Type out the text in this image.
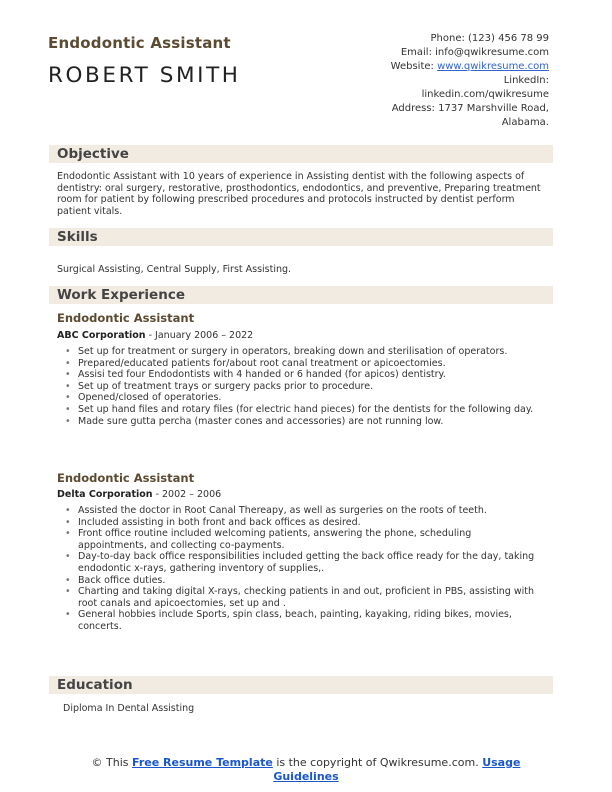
Endodontic Assistant
ROBERT SMITH
Phone: (123) 456 78 99
Email: info@qwikresume.com
Website: www.qwikresume.com
LinkedIn:
linkedin.com/qwikresume
Address: 1737 Marshville Road,
Alabama.
Objective
Endodontic Assistant with 10 years of experience in Assisting dentist with the following aspects of dentistry: oral surgery, restorative, prosthodontics, endodontics, and preventive, Preparing treatment room for patient by following prescribed procedures and protocols instructed by dentist perform patient vitals.
Skills
Surgical Assisting, Central Supply, First Assisting.
Work Experience
Endodontic Assistant
ABC Corporation - January 2006 – 2022
• Set up for treatment or surgery in operators, breaking down and sterilisation of operators.
• Prepared/educated patients for/about root canal treatment or apicoectomies.
• Assisi ted four Endodontists with 4 handed or 6 handed (for apicos) dentistry.
• Set up of treatment trays or surgery packs prior to procedure.
• Opened/closed of operatories.
• Set up hand files and rotary files (for electric hand pieces) for the dentists for the following day.
• Made sure gutta percha (master cones and accessories) are not running low.
Endodontic Assistant
Delta Corporation - 2002 – 2006
• Assisted the doctor in Root Canal Thereapy, as well as surgeries on the roots of teeth.
• Included assisting in both front and back offices as desired.
• Front office routine included welcoming patients, answering the phone, scheduling appointments, and collecting co-payments.
• Day-to-day back office responsibilities included getting the back office ready for the day, taking endodontic x-rays, gathering inventory of supplies,.
• Back office duties.
• Charting and taking digital X-rays, checking patients in and out, proficient in PBS, assisting with root canals and apicoectomies, set up and .
• General hobbies include Sports, spin class, beach, painting, kayaking, riding bikes, movies, concerts.
Education
Diploma In Dental Assisting
© This Free Resume Template is the copyright of Qwikresume.com. Usage Guidelines
